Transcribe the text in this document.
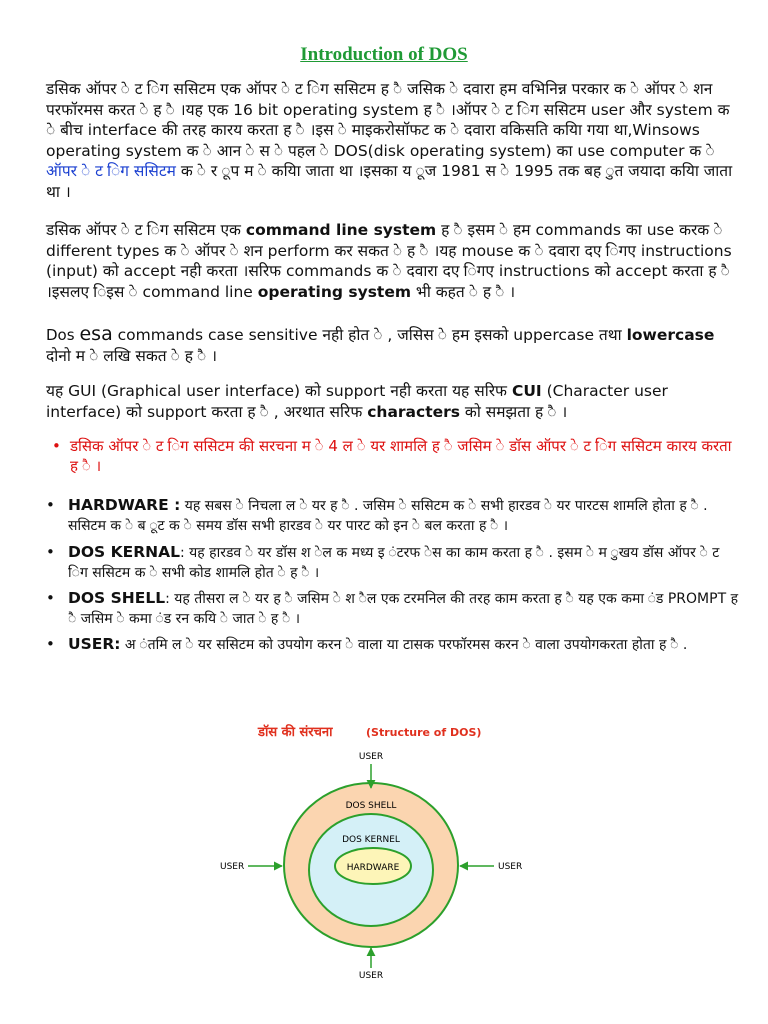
Introduction of DOS

डसिक ऑपर े ट िग ससिटम एक ऑपर े ट िग ससिटम ह ै जसिक े दवारा हम वभिनिन्न परकार क े ऑपर े शन परफॉरमस करत े ह ै ।यह एक 16 bit operating system ह ै ।ऑपर े ट िग ससिटम user और system क े बीच interface की तरह कारय करता ह ै ।इस े माइकरोसॉफट क े दवारा वकिसति कयिा गया था,Winsows operating system क े आन े स े पहल े DOS(disk operating system) का use computer क े ऑपर े ट िग ससिटम क े र ूप म े कयिा जाता था ।इसका य ूज 1981 स े 1995 तक बह ुत जयादा कयिा जाता था ।

डसिक ऑपर े ट िग ससिटम एक command line system ह ै इसम े हम commands का use करक े different types क े ऑपर े शन perform कर सकत े ह ै ।यह mouse क े दवारा दए िगए instructions (input) को accept नही करता ।सरिफ commands क े दवारा दए िगए instructions को accept करता ह ै ।इसलए िइस े command line operating system भी कहत े ह ै ।

Dos esa commands case sensitive नही होत े , जसिस े हम इसको uppercase तथा lowercase दोनो म े लखि सकत े ह ै ।

यह GUI (Graphical user interface) को support नही करता यह सरिफ CUI (Character user interface) को support करता ह ै , अरथात सरिफ characters को समझता ह ै ।

• डसिक ऑपर े ट िग ससिटम की सरचना म े 4 ल े यर शामलि ह ै जसिम े डॉस ऑपर े ट िग ससिटम कारय करता ह ै ।
• HARDWARE : यह सबस े निचला ल े यर ह ै . जसिम े ससिटम क े सभी हारडव े यर पारटस शामलि होता ह ै . ससिटम क े ब ूट क े समय डॉस सभी हारडव े यर पारट को इन े बल करता ह ै ।
• DOS KERNAL: यह हारडव े यर डॉस श ेल क मध्य इ ंटरफ ेस का काम करता ह ै . इसम े म ुखय डॉस ऑपर े ट िग ससिटम क े सभी कोड शामलि होत े ह ै ।
• DOS SHELL: यह तीसरा ल े यर ह ै जसिम े श ैल एक टरमनिल की तरह काम करता ह ै यह एक कमा ंड PROMPT ह ै जसिम े कमा ंड रन कयि े जात े ह ै ।
• USER: अ ंतमि ल े यर ससिटम को उपयोग करन े वाला या टासक परफॉरमस करन े वाला उपयोगकरता होता ह ै .
डॉस की संरचना	(Structure of DOS)
DOS SHELL
DOS KERNEL
HARDWARE
USER
USER	USER
USER
